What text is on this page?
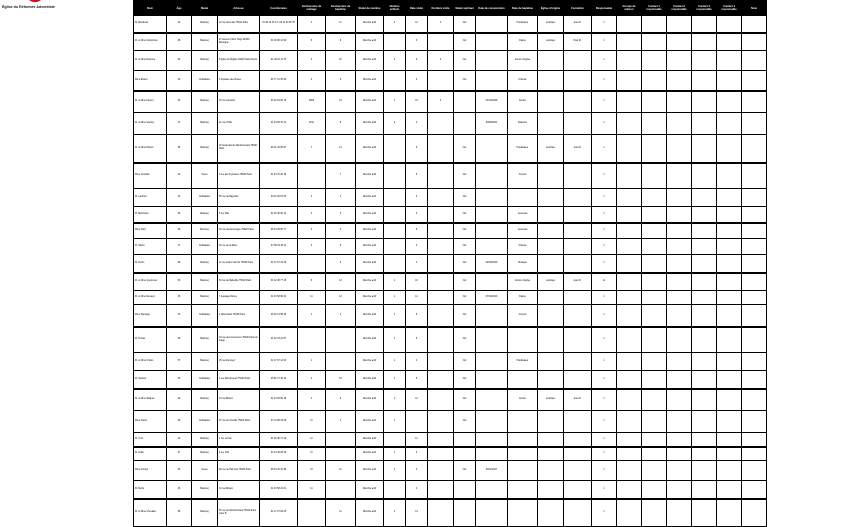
Église du Réformée Adventiste	Nom	Âge	Statut	Adresse	Coordonnées	Anniversaire de mariage	Anniversaire de baptême	Statut de membre	Nombre enfants	Date visite	Dernière visite	Statut spirituel	Date de consécration	Date de baptême	Église d'origine	Formation	Responsable	Groupe de maison	Contact 1 responsable	Contact 2 responsable	Contact 3 responsable	Contact 4 responsable	Note
M. Boudreau	44	Marié(e)	12 rue des Lilas 75011 Paris	01 45 22 33 44 / 06 12 34 56 78	4	11	Membre actif	2	12	4	Oui		Prédicateur	Lévitique	Jean D.	1						
M. et Mme Carbonnier	38	Marié(e)	27 avenue Victor Hugo 92100 Boulogne	01 46 88 12 90	6	9	Membre actif		3		Oui		Diacre	Lévitique	Paul M.	1						
M. et Mme Delorme	52	Marié(e)	8 place de l'Église 93200 Saint-Denis	01 48 20 11 75	4	10	Membre actif	1	6	2	Oui		Ancien d'église			1						
Mme Éluard	29	Célibataire	3 impasse des Roses	06 77 12 45 90	2	8	Membre actif		3		Oui		Chorale			1						
M. et Mme Fauvel	61	Marié(e)	15 rue Lamarck	01 42 54 66 10	2009	12	Membre actif	1	15	2		01/10/2008	Ancien			1						
M. et Mme Garnier	47	Marié(e)	41 rue Orfila	01 43 66 70 21	2011	8	Membre actif	2	4			03/05/2011	Diaconie			1						
M. et Mme Hébert	55	Marié(e)	22 boulevard de Ménilmontant 75020 Paris	06 21 43 65 87	7	14	Membre actif		5		Oui		Prédicateur	Lévitique	Jean D.	1						
Mme Jourdain	33	Veuve	9 rue des Pyrénées 75020 Paris	01 43 70 25 36		7	Membre actif		5		Oui		Accueil			1						
M. Lambert	41	Célibataire	56 rue de Bagnolet	06 11 09 87 65	2	4	Membre actif		3		Oui					1						
M. Marchand	36	Marié(e)	5 rue Piat	01 46 36 90 12	2	3	Membre actif		3		Oui		Jeunesse			1						
Mme Noël	48	Divorcée	30 rue des Envierges 75020 Paris	06 44 55 66 77	3	4	Membre actif		6		Oui		Jeunesse			1						
M. Olivier	27	Célibataire	18 rue de la Mare	07 68 23 45 11	3	9	Membre actif		4		Oui		Chorale			1						
M. Perrin	59	Marié(e)	11 rue Julien Lacroix 75020 Paris	01 47 97 31 20		6	Membre actif		2		Oui	02/06/2009	Musique			1						
M. et Mme Quéméner	50	Marié(e)	64 rue de Belleville 75019 Paris	01 42 08 77 15	6	12	Membre actif	1	10		Oui		Ancien d'église	Lévitique	Jean D.	11						
M. et Mme Renaud	45	Marié(e)	7 passage Ronce	01 43 58 90 02	11	12	Membre actif	1	11		Oui	07/04/2010	Diacre			1						
Mme Sauvage	31	Célibataire	2 villa Castel 75020 Paris	06 32 14 58 96	1	4	Membre actif	1	6		Oui		Accueil			1						
M. Tessier	39	Marié(e)	19 rue des Couronnes 75020 Paris 2e étage	01 40 33 21 87			Membre actif	1	6		Oui					1						
M. et Mme Urbain	57	Marié(e)	25 rue Dénoyez	01 47 97 14 63	1		Membre actif	1	4		Oui		Prédicateur			1						
M. Vasseur	34	Célibataire	4 rue Ramponeau 75020 Paris	06 81 27 39 44	2	15	Membre actif	1	5		Oui					1						
M. et Mme Wagner	62	Marié(e)	13 rue Bisson	01 43 66 50 28	4	9	Membre actif	1	12		Oui		Ancien	Lévitique	Jean D.	1						
Mme Xavier	28	Célibataire	37 rue de Tourtille 75020 Paris	07 12 88 34 56	11	4	Membre actif	1			Oui					1						
M. Yvon	43	Marié(e)	1 rue Lemon	01 46 36 17 40	11		Membre actif		11							1						
M. Zeller	37	Marié(e)	6 rue Vilin	01 43 49 28 90	11		Membre actif	1	3							1						
Mme Arnaud	53	Veuve	28 rue de Pali-Kao 75020 Paris	06 54 32 10 98	10	11	Membre actif	1	2		Oui	04/11/2007				1						
M. Bertin	46	Marié(e)	10 rue Bisson	01 43 58 22 61	11		Membre actif		4							1						
M. et Mme Chevalier	58	Marié(e)	50 rue de Ménilmontant 75020 Paris porte B	01 47 97 66 05		11	Membre actif	1	14							1						
